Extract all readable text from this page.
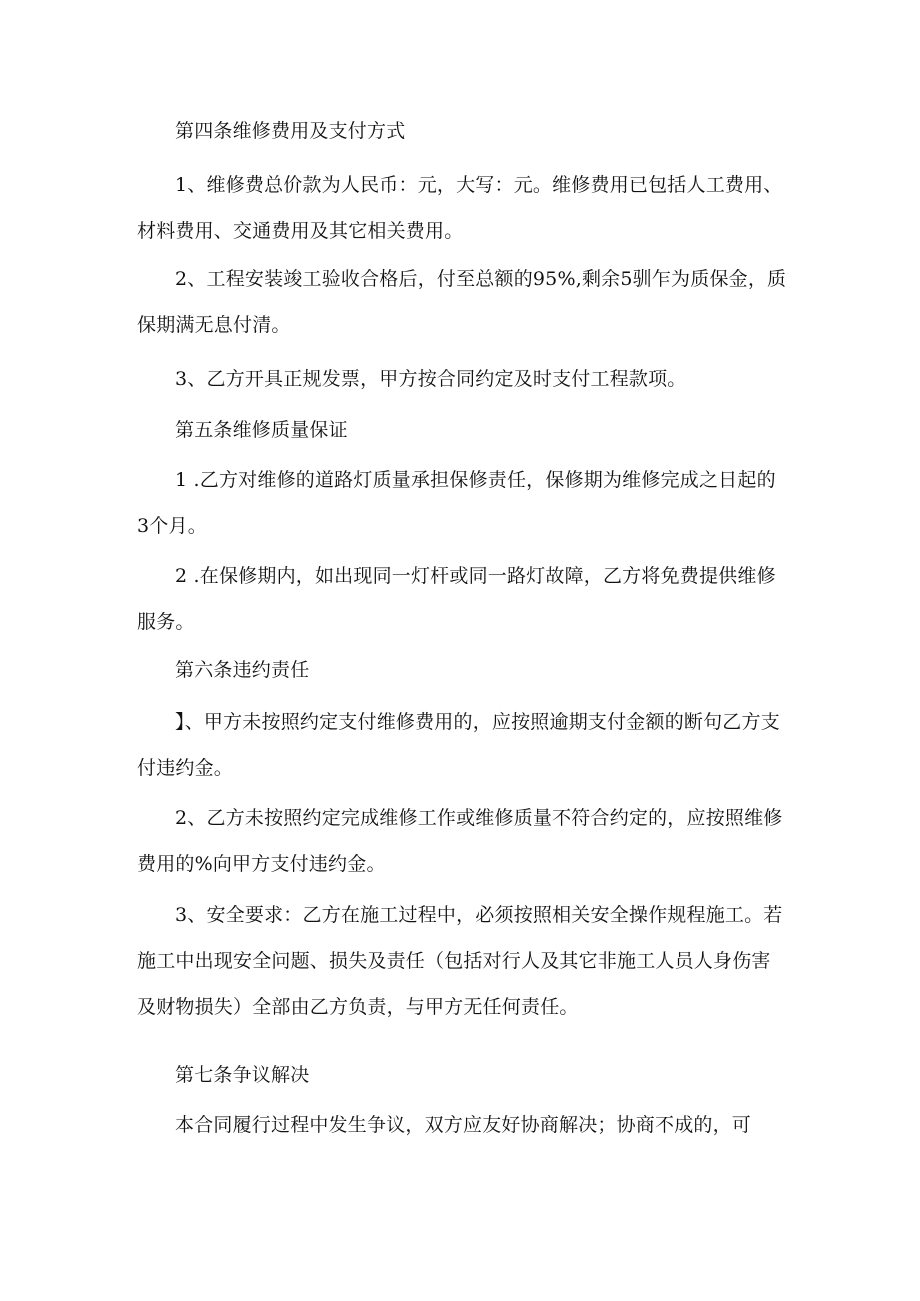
第四条维修费用及支付方式

1、维修费总价款为人民币：元，大写：元。维修费用已包括人工费用、材料费用、交通费用及其它相关费用。

2、工程安装竣工验收合格后，付至总额的95%,剩余5驯乍为质保金，质保期满无息付清。

3、乙方开具正规发票，甲方按合同约定及时支付工程款项。

第五条维修质量保证

1 .乙方对维修的道路灯质量承担保修责任，保修期为维修完成之日起的3个月。

2 .在保修期内，如出现同一灯杆或同一路灯故障，乙方将免费提供维修服务。

第六条违约责任

】、甲方未按照约定支付维修费用的，应按照逾期支付金额的断句乙方支付违约金。

2、乙方未按照约定完成维修工作或维修质量不符合约定的，应按照维修费用的%向甲方支付违约金。

3、安全要求：乙方在施工过程中，必须按照相关安全操作规程施工。若施工中出现安全问题、损失及责任（包括对行人及其它非施工人员人身伤害及财物损失）全部由乙方负责，与甲方无任何责任。

第七条争议解决

本合同履行过程中发生争议，双方应友好协商解决；协商不成的，可
